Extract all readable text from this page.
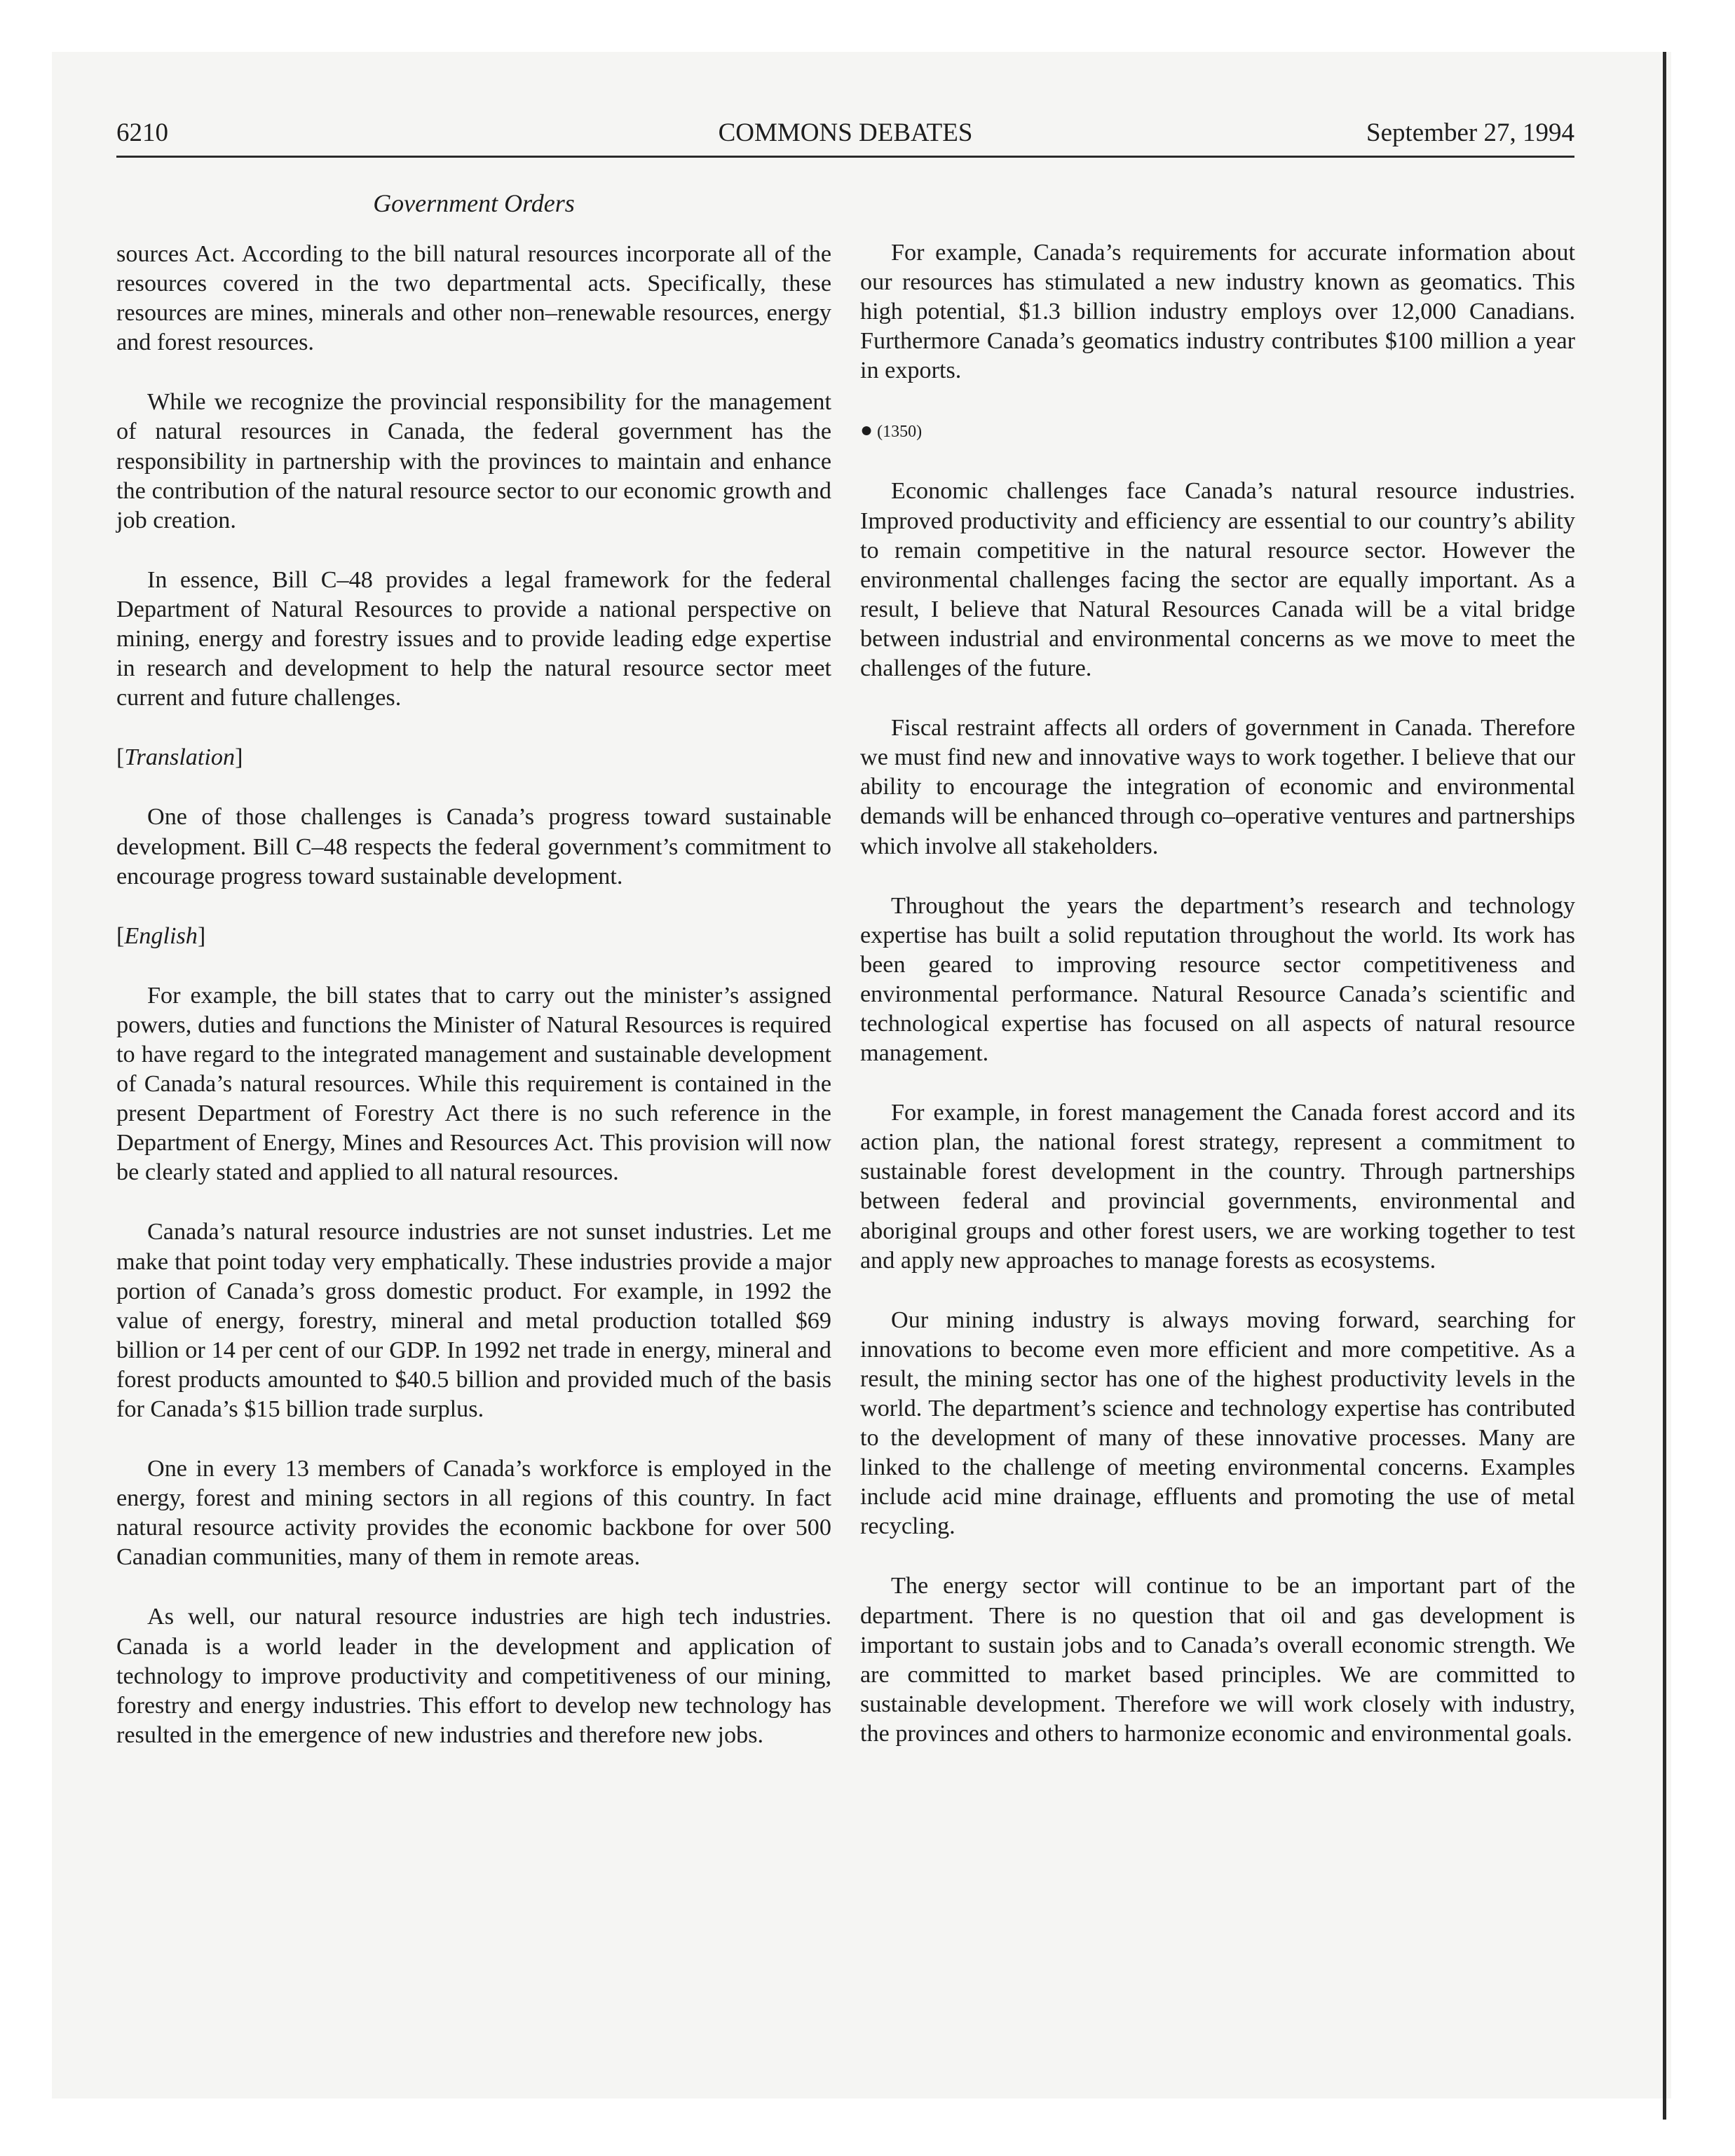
6210	COMMONS DEBATES	September 27, 1994
Government Orders

sources Act. According to the bill natural resources incorporate all of the resources covered in the two departmental acts. Specifically, these resources are mines, minerals and other non–renewable resources, energy and forest resources.

While we recognize the provincial responsibility for the management of natural resources in Canada, the federal government has the responsibility in partnership with the provinces to maintain and enhance the contribution of the natural resource sector to our economic growth and job creation.

In essence, Bill C–48 provides a legal framework for the federal Department of Natural Resources to provide a national perspective on mining, energy and forestry issues and to provide leading edge expertise in research and development to help the natural resource sector meet current and future challenges.

[Translation]

One of those challenges is Canada’s progress toward sustainable development. Bill C–48 respects the federal government’s commitment to encourage progress toward sustainable development.

[English]

For example, the bill states that to carry out the minister’s assigned powers, duties and functions the Minister of Natural Resources is required to have regard to the integrated management and sustainable development of Canada’s natural resources. While this requirement is contained in the present Department of Forestry Act there is no such reference in the Department of Energy, Mines and Resources Act. This provision will now be clearly stated and applied to all natural resources.

Canada’s natural resource industries are not sunset industries. Let me make that point today very emphatically. These industries provide a major portion of Canada’s gross domestic product. For example, in 1992 the value of energy, forestry, mineral and metal production totalled $69 billion or 14 per cent of our GDP. In 1992 net trade in energy, mineral and forest products amounted to $40.5 billion and provided much of the basis for Canada’s $15 billion trade surplus.

One in every 13 members of Canada’s workforce is employed in the energy, forest and mining sectors in all regions of this country. In fact natural resource activity provides the economic backbone for over 500 Canadian communities, many of them in remote areas.

As well, our natural resource industries are high tech industries. Canada is a world leader in the development and application of technology to improve productivity and competitiveness of our mining, forestry and energy industries. This effort to develop new technology has resulted in the emergence of new industries and therefore new jobs.

For example, Canada’s requirements for accurate information about our resources has stimulated a new industry known as geomatics. This high potential, $1.3 billion industry employs over 12,000 Canadians. Furthermore Canada’s geomatics industry contributes $100 million a year in exports.

● (1350)

Economic challenges face Canada’s natural resource industries. Improved productivity and efficiency are essential to our country’s ability to remain competitive in the natural resource sector. However the environmental challenges facing the sector are equally important. As a result, I believe that Natural Resources Canada will be a vital bridge between industrial and environmental concerns as we move to meet the challenges of the future.

Fiscal restraint affects all orders of government in Canada. Therefore we must find new and innovative ways to work together. I believe that our ability to encourage the integration of economic and environmental demands will be enhanced through co–operative ventures and partnerships which involve all stakeholders.

Throughout the years the department’s research and technology expertise has built a solid reputation throughout the world. Its work has been geared to improving resource sector competitiveness and environmental performance. Natural Resource Canada’s scientific and technological expertise has focused on all aspects of natural resource management.

For example, in forest management the Canada forest accord and its action plan, the national forest strategy, represent a commitment to sustainable forest development in the country. Through partnerships between federal and provincial governments, environmental and aboriginal groups and other forest users, we are working together to test and apply new approaches to manage forests as ecosystems.

Our mining industry is always moving forward, searching for innovations to become even more efficient and more competitive. As a result, the mining sector has one of the highest productivity levels in the world. The department’s science and technology expertise has contributed to the development of many of these innovative processes. Many are linked to the challenge of meeting environmental concerns. Examples include acid mine drainage, effluents and promoting the use of metal recycling.

The energy sector will continue to be an important part of the department. There is no question that oil and gas development is important to sustain jobs and to Canada’s overall economic strength. We are committed to market based principles. We are committed to sustainable development. Therefore we will work closely with industry, the provinces and others to harmonize economic and environmental goals.
